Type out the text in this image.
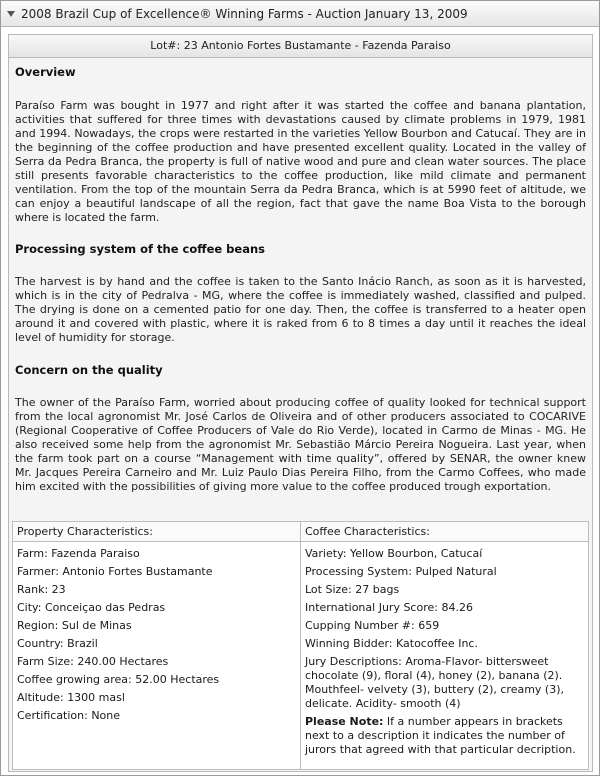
2008 Brazil Cup of Excellence® Winning Farms - Auction January 13, 2009
Lot#: 23 Antonio Fortes Bustamante - Fazenda Paraiso
Overview

Paraíso Farm was bought in 1977 and right after it was started the coffee and banana plantation, activities that suffered for three times with devastations caused by climate problems in 1979, 1981 and 1994. Nowadays, the crops were restarted in the varieties Yellow Bourbon and Catucaí. They are in the beginning of the coffee production and have presented excellent quality. Located in the valley of Serra da Pedra Branca, the property is full of native wood and pure and clean water sources. The place still presents favorable characteristics to the coffee production, like mild climate and permanent ventilation. From the top of the mountain Serra da Pedra Branca, which is at 5990 feet of altitude, we can enjoy a beautiful landscape of all the region, fact that gave the name Boa Vista to the borough where is located the farm.

Processing system of the coffee beans

The harvest is by hand and the coffee is taken to the Santo Inácio Ranch, as soon as it is harvested, which is in the city of Pedralva - MG, where the coffee is immediately washed, classified and pulped. The drying is done on a cemented patio for one day. Then, the coffee is transferred to a heater open around it and covered with plastic, where it is raked from 6 to 8 times a day until it reaches the ideal level of humidity for storage.

Concern on the quality

The owner of the Paraíso Farm, worried about producing coffee of quality looked for technical support from the local agronomist Mr. José Carlos de Oliveira and of other producers associated to COCARIVE (Regional Cooperative of Coffee Producers of Vale do Rio Verde), located in Carmo de Minas - MG. He also received some help from the agronomist Mr. Sebastião Márcio Pereira Nogueira. Last year, when the farm took part on a course “Management with time quality”, offered by SENAR, the owner knew Mr. Jacques Pereira Carneiro and Mr. Luiz Paulo Dias Pereira Filho, from the Carmo Coffees, who made him excited with the possibilities of giving more value to the coffee produced trough exportation.

Property Characteristics:
Farm: Fazenda Paraiso
Farmer: Antonio Fortes Bustamante
Rank: 23
City: Conceiçao das Pedras
Region: Sul de Minas
Country: Brazil
Farm Size: 240.00 Hectares
Coffee growing area: 52.00 Hectares
Altitude: 1300 masl
Certification: None
Coffee Characteristics:
Variety: Yellow Bourbon, Catucaí
Processing System: Pulped Natural
Lot Size: 27 bags
International Jury Score: 84.26
Cupping Number #: 659
Winning Bidder: Katocoffee Inc.
Jury Descriptions: Aroma-Flavor- bittersweet chocolate (9), floral (4), honey (2), banana (2). Mouthfeel- velvety (3), buttery (2), creamy (3), delicate. Acidity- smooth (4)
Please Note: If a number appears in brackets next to a description it indicates the number of jurors that agreed with that particular decription.
